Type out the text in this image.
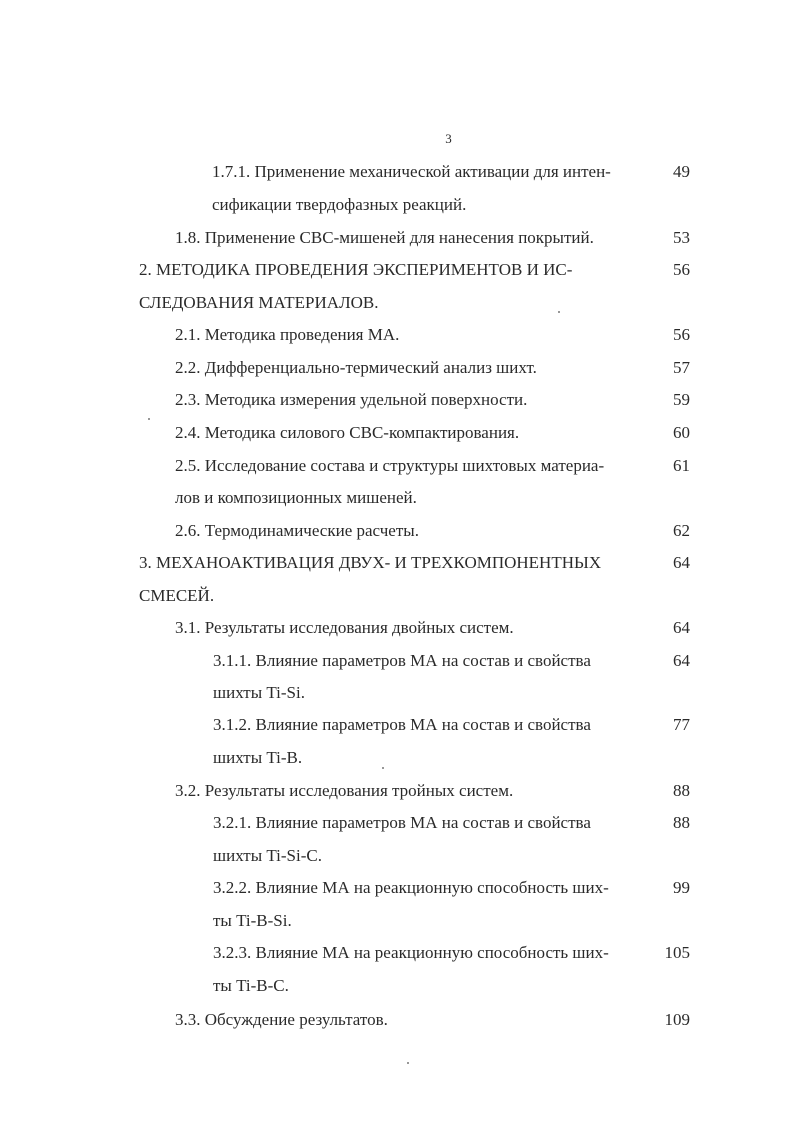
3
1.7.1. Применение механической активации для интен-	49
сификации твердофазных реакций.
1.8. Применение СВС-мишеней для нанесения покрытий.	53
2. МЕТОДИКА ПРОВЕДЕНИЯ ЭКСПЕРИМЕНТОВ И ИС-	56
СЛЕДОВАНИЯ МАТЕРИАЛОВ.
2.1. Методика проведения МА.	56
2.2. Дифференциально-термический анализ шихт.	57
2.3. Методика измерения удельной поверхности.	59
2.4. Методика силового СВС-компактирования.	60
2.5. Исследование состава и структуры шихтовых материа-	61
лов и композиционных мишеней.
2.6. Термодинамические расчеты.	62
3. МЕХАНОАКТИВАЦИЯ ДВУХ- И ТРЕХКОМПОНЕНТНЫХ	64
СМЕСЕЙ.
3.1. Результаты исследования двойных систем.	64
3.1.1. Влияние параметров МА на состав и свойства	64
шихты Ti-Si.
3.1.2. Влияние параметров МА на состав и свойства	77
шихты Ti-B.
3.2. Результаты исследования тройных систем.	88
3.2.1. Влияние параметров МА на состав и свойства	88
шихты Ti-Si-C.
3.2.2. Влияние МА на реакционную способность ших-	99
ты Ti-B-Si.
3.2.3. Влияние МА на реакционную способность ших-	105
ты Ti-B-C.
3.3. Обсуждение результатов.	109
